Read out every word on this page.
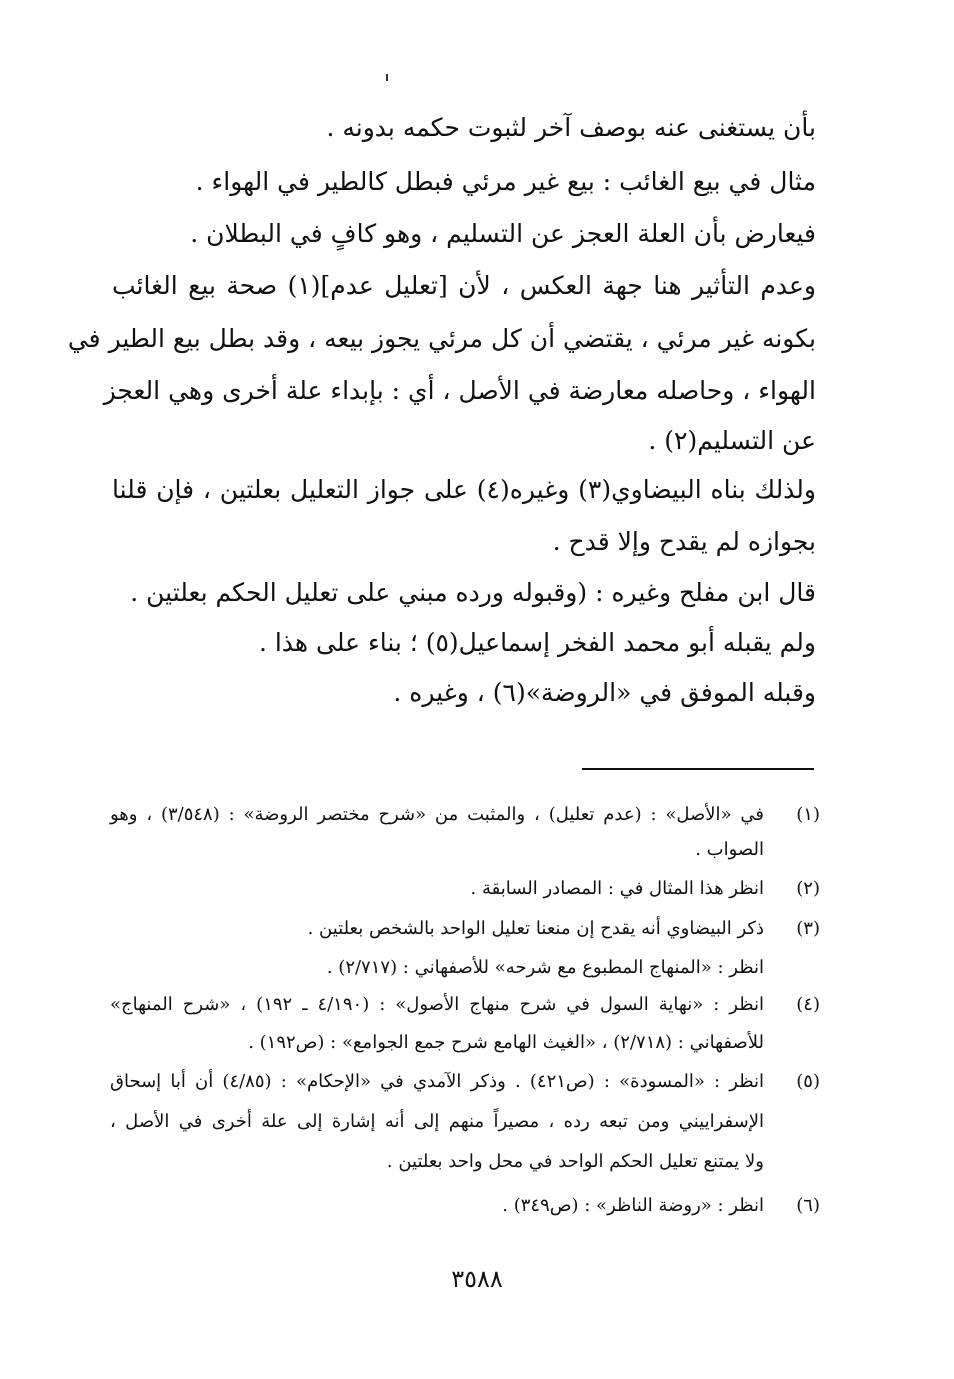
بأن يستغنى عنه بوصف آخر لثبوت حكمه بدونه .
مثال في بيع الغائب : بيع غير مرئي فبطل كالطير في الهواء .
فيعارض بأن العلة العجز عن التسليم ، وهو كافٍ في البطلان .
وعدم التأثير هنا جهة العكس ، لأن [تعليل عدم](١) صحة بيع الغائب
بكونه غير مرئي ، يقتضي أن كل مرئي يجوز بيعه ، وقد بطل بيع الطير في
الهواء ، وحاصله معارضة في الأصل ، أي : بإبداء علة أخرى وهي العجز
عن التسليم(٢) .
ولذلك بناه البيضاوي(٣) وغيره(٤) على جواز التعليل بعلتين ، فإن قلنا
بجوازه لم يقدح وإلا قدح .
قال ابن مفلح وغيره : (وقبوله ورده مبني على تعليل الحكم بعلتين .
ولم يقبله أبو محمد الفخر إسماعيل(٥) ؛ بناء على هذا .
وقبله الموفق في «الروضة»(٦) ، وغيره .
(١)
في «الأصل» : (عدم تعليل) ، والمثبت من «شرح مختصر الروضة» : (٣/٥٤٨) ، وهو
الصواب .
(٢)
انظر هذا المثال في : المصادر السابقة .
(٣)
ذكر البيضاوي أنه يقدح إن منعنا تعليل الواحد بالشخص بعلتين .
انظر : «المنهاج المطبوع مع شرحه» للأصفهاني : (٢/٧١٧) .
(٤)
انظر : «نهاية السول في شرح منهاج الأصول» : (٤/١٩٠ ـ ١٩٢) ، «شرح المنهاج»
للأصفهاني : (٢/٧١٨) ، «الغيث الهامع شرح جمع الجوامع» : (ص١٩٢) .
(٥)
انظر : «المسودة» : (ص٤٢١) . وذكر الآمدي في «الإحكام» : (٤/٨٥) أن أبا إسحاق
الإسفراييني ومن تبعه رده ، مصيراً منهم إلى أنه إشارة إلى علة أخرى في الأصل ،
ولا يمتنع تعليل الحكم الواحد في محل واحد بعلتين .
(٦)
انظر : «روضة الناظر» : (ص٣٤٩) .
٣٥٨٨
